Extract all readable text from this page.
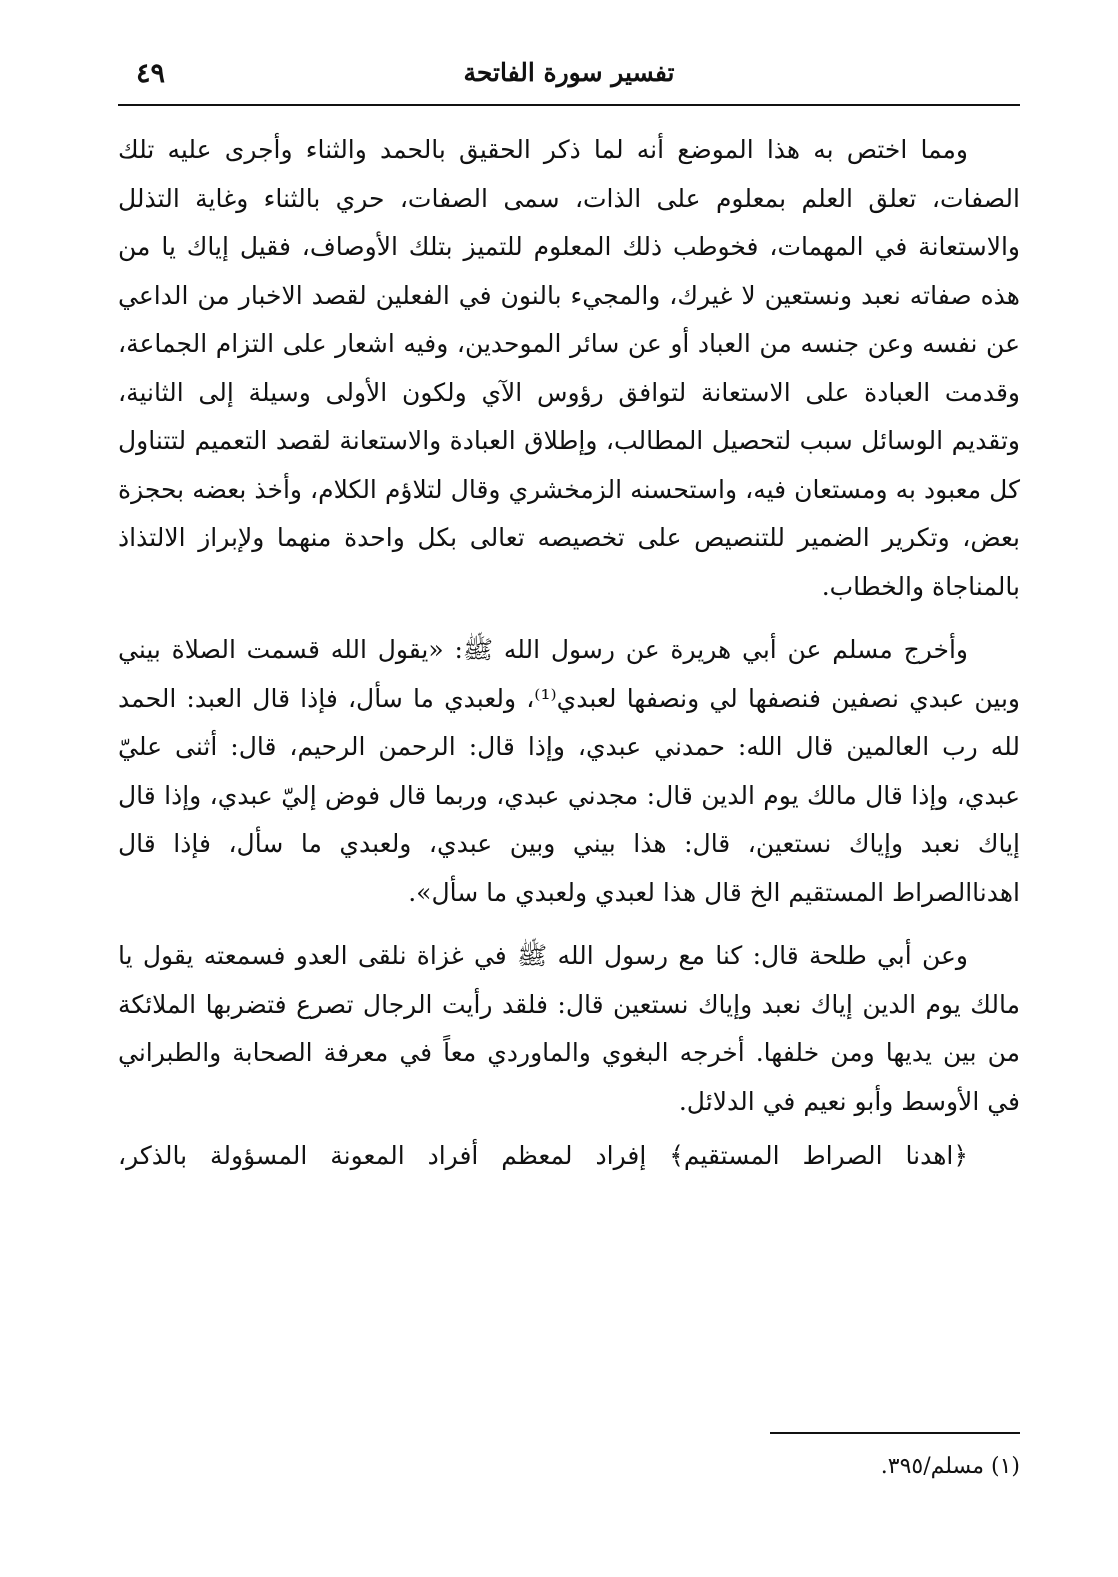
تفسير سورة الفاتحة
٤٩

ومما اختص به هذا الموضع أنه لما ذكر الحقيق بالحمد والثناء وأجرى عليه تلك الصفات، تعلق العلم بمعلوم على الذات، سمى الصفات، حري بالثناء وغاية التذلل والاستعانة في المهمات، فخوطب ذلك المعلوم للتميز بتلك الأوصاف، فقيل إياك يا من هذه صفاته نعبد ونستعين لا غيرك، والمجيء بالنون في الفعلين لقصد الاخبار من الداعي عن نفسه وعن جنسه من العباد أو عن سائر الموحدين، وفيه اشعار على التزام الجماعة، وقدمت العبادة على الاستعانة لتوافق رؤوس الآي ولكون الأولى وسيلة إلى الثانية، وتقديم الوسائل سبب لتحصيل المطالب، وإطلاق العبادة والاستعانة لقصد التعميم لتتناول كل معبود به ومستعان فيه، واستحسنه الزمخشري وقال لتلاؤم الكلام، وأخذ بعضه بحجزة بعض، وتكرير الضمير للتنصيص على تخصيصه تعالى بكل واحدة منهما ولإبراز الالتذاذ بالمناجاة والخطاب.

وأخرج مسلم عن أبي هريرة عن رسول الله ﷺ: «يقول الله قسمت الصلاة بيني وبين عبدي نصفين فنصفها لي ونصفها لعبدي⁽¹⁾، ولعبدي ما سأل، فإذا قال العبد: الحمد لله رب العالمين قال الله: حمدني عبدي، وإذا قال: الرحمن الرحيم، قال: أثنى عليّ عبدي، وإذا قال مالك يوم الدين قال: مجدني عبدي، وربما قال فوض إليّ عبدي، وإذا قال إياك نعبد وإياك نستعين، قال: هذا بيني وبين عبدي، ولعبدي ما سأل، فإذا قال اهدناالصراط المستقيم الخ قال هذا لعبدي ولعبدي ما سأل».

وعن أبي طلحة قال: كنا مع رسول الله ﷺ في غزاة نلقى العدو فسمعته يقول يا مالك يوم الدين إياك نعبد وإياك نستعين قال: فلقد رأيت الرجال تصرع فتضربها الملائكة من بين يديها ومن خلفها. أخرجه البغوي والماوردي معاً في معرفة الصحابة والطبراني في الأوسط وأبو نعيم في الدلائل.

﴿اهدنا الصراط المستقيم﴾ إفراد لمعظم أفراد المعونة المسؤولة بالذكر،

(١) مسلم/٣٩٥.
